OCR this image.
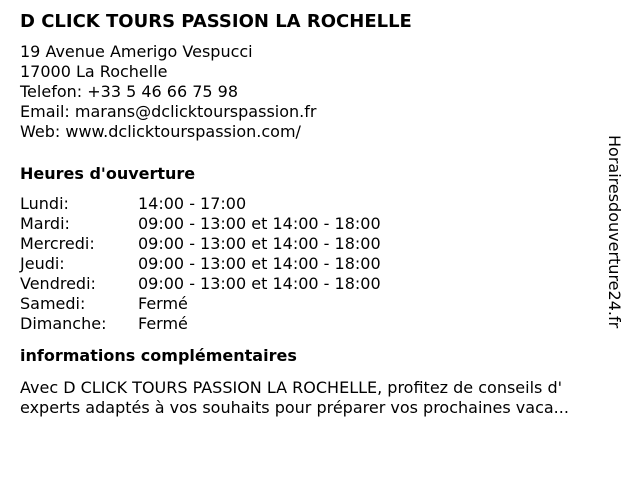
D CLICK TOURS PASSION LA ROCHELLE
19 Avenue Amerigo Vespucci
17000 La Rochelle
Telefon: +33 5 46 66 75 98
Email: marans@dclicktourspassion.fr
Web: www.dclicktourspassion.com/
Heures d'ouverture
Lundi:	14:00 - 17:00
Mardi:	09:00 - 13:00 et 14:00 - 18:00
Mercredi:	09:00 - 13:00 et 14:00 - 18:00
Jeudi:	09:00 - 13:00 et 14:00 - 18:00
Vendredi:	09:00 - 13:00 et 14:00 - 18:00
Samedi:	Fermé
Dimanche:	Fermé
informations complémentaires
Avec D CLICK TOURS PASSION LA ROCHELLE, profitez de conseils d' experts adaptés à vos souhaits pour préparer vos prochaines vaca...
Horairesdouverture24.fr
